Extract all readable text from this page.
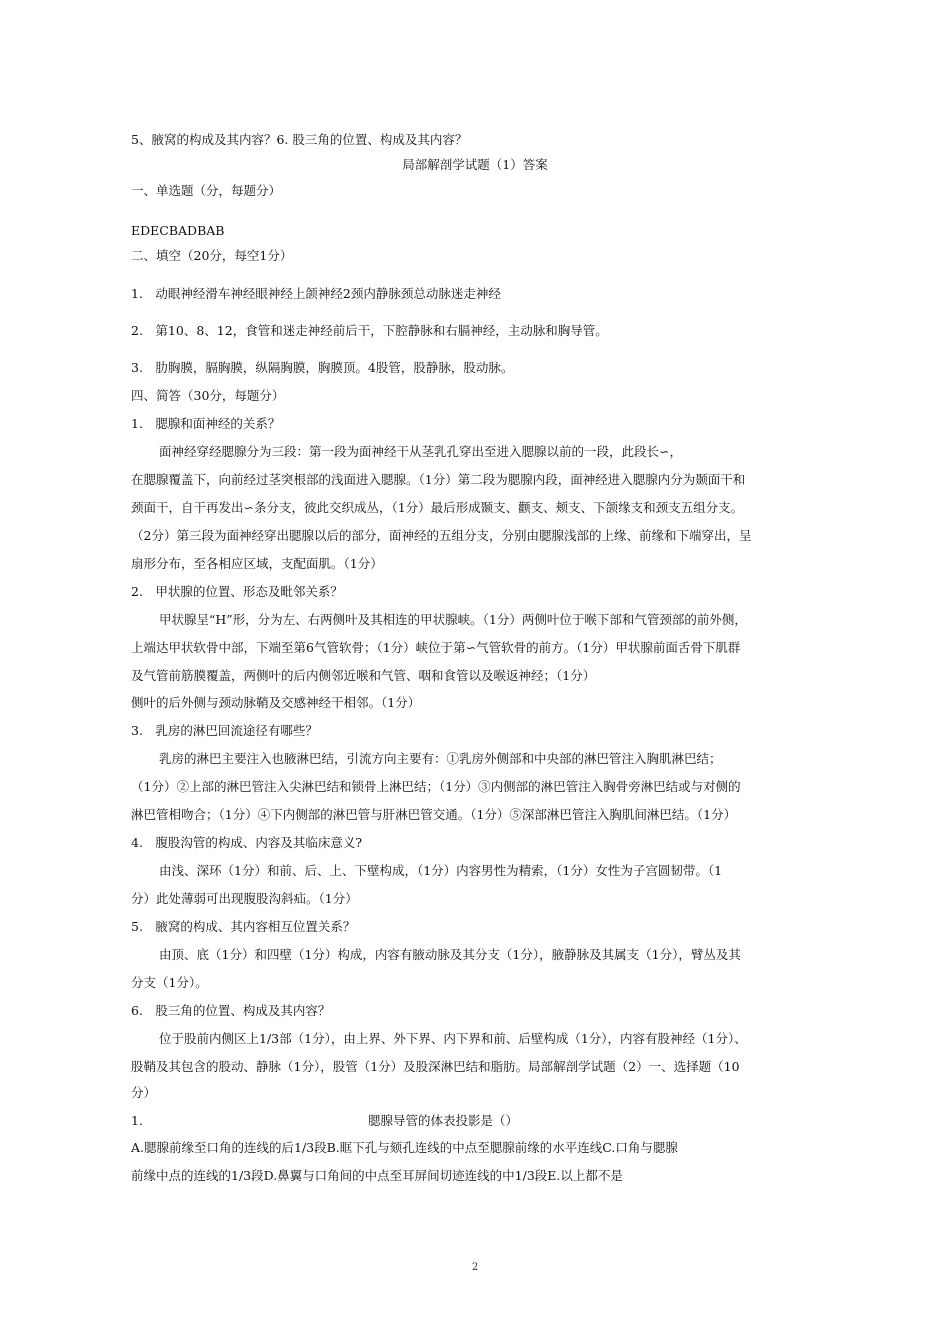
5、腋窝的构成及其内容？6. 股三角的位置、构成及其内容？
局部解剖学试题（1）答案
一、单选题（分，每题分）
EDECBADBAB
二、填空（20分，每空1分）
1.　动眼神经滑车神经眼神经上颌神经2颈内静脉颈总动脉迷走神经
2.　第10、8、12，食管和迷走神经前后干，下腔静脉和右膈神经，主动脉和胸导管。
3.　肋胸膜，膈胸膜，纵隔胸膜，胸膜顶。4股管，股静脉，股动脉。
四、简答（30分，每题分）
1.　腮腺和面神经的关系？
面神经穿经腮腺分为三段：第一段为面神经干从茎乳孔穿出至进入腮腺以前的一段，此段长∽，
在腮腺覆盖下，向前经过茎突根部的浅面进入腮腺。（1分）第二段为腮腺内段，面神经进入腮腺内分为颞面干和
颈面干，自干再发出∽条分支，彼此交织成丛，（1分）最后形成颞支、颧支、颊支、下颌缘支和颈支五组分支。
（2分）第三段为面神经穿出腮腺以后的部分，面神经的五组分支，分别由腮腺浅部的上缘、前缘和下端穿出，呈
扇形分布，至各相应区域，支配面肌。（1分）
2.　甲状腺的位置、形态及毗邻关系？
甲状腺呈“H”形，分为左、右两侧叶及其相连的甲状腺峡。（1分）两侧叶位于喉下部和气管颈部的前外侧，
上端达甲状软骨中部，下端至第6气管软骨；（1分）峡位于第∽气管软骨的前方。（1分）甲状腺前面舌骨下肌群
及气管前筋膜覆盖，两侧叶的后内侧邻近喉和气管、咽和食管以及喉返神经；（1分）
侧叶的后外侧与颈动脉鞘及交感神经干相邻。（1分）
3.　乳房的淋巴回流途径有哪些？
乳房的淋巴主要注入也腋淋巴结，引流方向主要有：①乳房外侧部和中央部的淋巴管注入胸肌淋巴结；
（1分）②上部的淋巴管注入尖淋巴结和锁骨上淋巴结；（1分）③内侧部的淋巴管注入胸骨旁淋巴结或与对侧的
淋巴管相吻合；（1分）④下内侧部的淋巴管与肝淋巴管交通。（1分）⑤深部淋巴管注入胸肌间淋巴结。（1分）
4.　腹股沟管的构成、内容及其临床意义?
由浅、深环（1分）和前、后、上、下壁构成，（1分）内容男性为精索，（1分）女性为子宫圆韧带。（1
分）此处薄弱可出现腹股沟斜疝。（1分）
5.　腋窝的构成、其内容相互位置关系？
由顶、底（1分）和四壁（1分）构成，内容有腋动脉及其分支（1分），腋静脉及其属支（1分），臂丛及其
分支（1分）。
6.　股三角的位置、构成及其内容？
位于股前内侧区上1/3部（1分），由上界、外下界、内下界和前、后壁构成（1分），内容有股神经（1分）、
股鞘及其包含的股动、静脉（1分），股管（1分）及股深淋巴结和脂肪。局部解剖学试题（2）一、选择题（10
分）
1.	腮腺导管的体表投影是（）
A.腮腺前缘至口角的连线的后1/3段B.眶下孔与颏孔连线的中点至腮腺前缘的水平连线C.口角与腮腺
前缘中点的连线的1/3段D.鼻翼与口角间的中点至耳屏间切迹连线的中1/3段E.以上都不是
2
